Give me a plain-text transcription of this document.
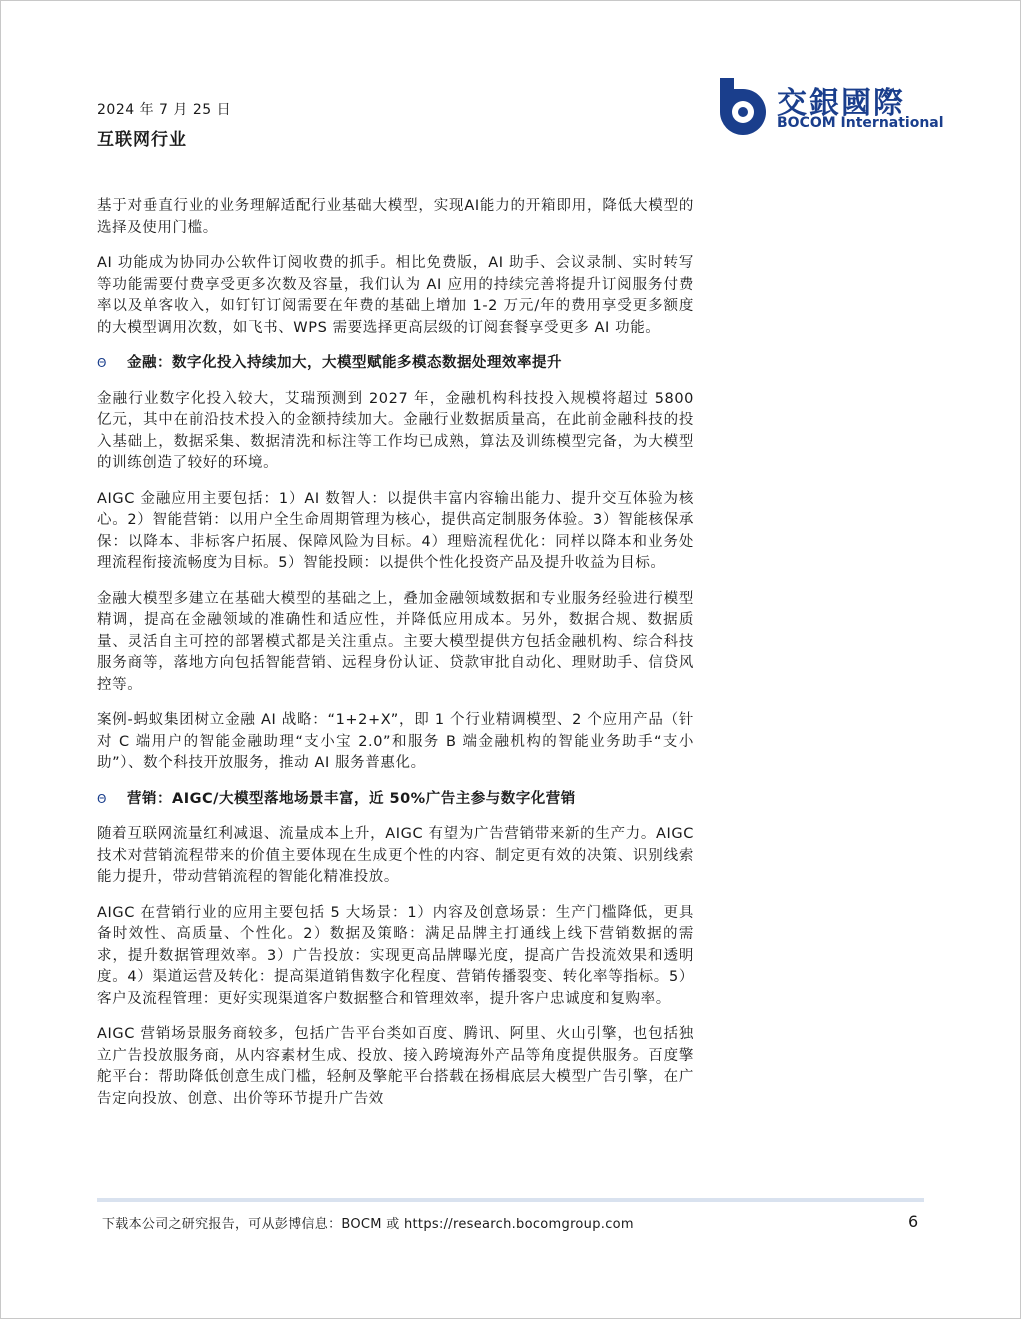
2024 年 7 月 25 日
互联网行业
交銀國際
BOCOM International

基于对垂直行业的业务理解适配行业基础大模型，实现AI能力的开箱即用，降低大模型的选择及使用门槛。

AI 功能成为协同办公软件订阅收费的抓手。相比免费版，AI 助手、会议录制、实时转写等功能需要付费享受更多次数及容量，我们认为 AI 应用的持续完善将提升订阅服务付费率以及单客收入，如钉钉订阅需要在年费的基础上增加 1-2 万元/年的费用享受更多额度的大模型调用次数，如飞书、WPS 需要选择更高层级的订阅套餐享受更多 AI 功能。

Θ	金融：数字化投入持续加大，大模型赋能多模态数据处理效率提升

金融行业数字化投入较大，艾瑞预测到 2027 年，金融机构科技投入规模将超过 5800 亿元，其中在前沿技术投入的金额持续加大。金融行业数据质量高，在此前金融科技的投入基础上，数据采集、数据清洗和标注等工作均已成熟，算法及训练模型完备，为大模型的训练创造了较好的环境。

AIGC 金融应用主要包括：1）AI 数智人：以提供丰富内容输出能力、提升交互体验为核心。2）智能营销：以用户全生命周期管理为核心，提供高定制服务体验。3）智能核保承保：以降本、非标客户拓展、保障风险为目标。4）理赔流程优化：同样以降本和业务处理流程衔接流畅度为目标。5）智能投顾：以提供个性化投资产品及提升收益为目标。

金融大模型多建立在基础大模型的基础之上，叠加金融领域数据和专业服务经验进行模型精调，提高在金融领域的准确性和适应性，并降低应用成本。另外，数据合规、数据质量、灵活自主可控的部署模式都是关注重点。主要大模型提供方包括金融机构、综合科技服务商等，落地方向包括智能营销、远程身份认证、贷款审批自动化、理财助手、信贷风控等。

案例-蚂蚁集团树立金融 AI 战略：“1+2+X”，即 1 个行业精调模型、2 个应用产品（针对 C 端用户的智能金融助理“支小宝 2.0”和服务 B 端金融机构的智能业务助手“支小助”）、数个科技开放服务，推动 AI 服务普惠化。

Θ	营销：AIGC/大模型落地场景丰富，近 50%广告主参与数字化营销

随着互联网流量红利减退、流量成本上升，AIGC 有望为广告营销带来新的生产力。AIGC 技术对营销流程带来的价值主要体现在生成更个性的内容、制定更有效的决策、识别线索能力提升，带动营销流程的智能化精准投放。

AIGC 在营销行业的应用主要包括 5 大场景：1）内容及创意场景：生产门槛降低，更具备时效性、高质量、个性化。2）数据及策略：满足品牌主打通线上线下营销数据的需求，提升数据管理效率。3）广告投放：实现更高品牌曝光度，提高广告投流效果和透明度。4）渠道运营及转化：提高渠道销售数字化程度、营销传播裂变、转化率等指标。5）客户及流程管理：更好实现渠道客户数据整合和管理效率，提升客户忠诚度和复购率。

AIGC 营销场景服务商较多，包括广告平台类如百度、腾讯、阿里、火山引擎，也包括独立广告投放服务商，从内容素材生成、投放、接入跨境海外产品等角度提供服务。百度擎舵平台：帮助降低创意生成门槛，轻舸及擎舵平台搭载在扬楫底层大模型广告引擎，在广告定向投放、创意、出价等环节提升广告效

下载本公司之研究报告，可从彭博信息：BOCM 或 https://research.bocomgroup.com	6
